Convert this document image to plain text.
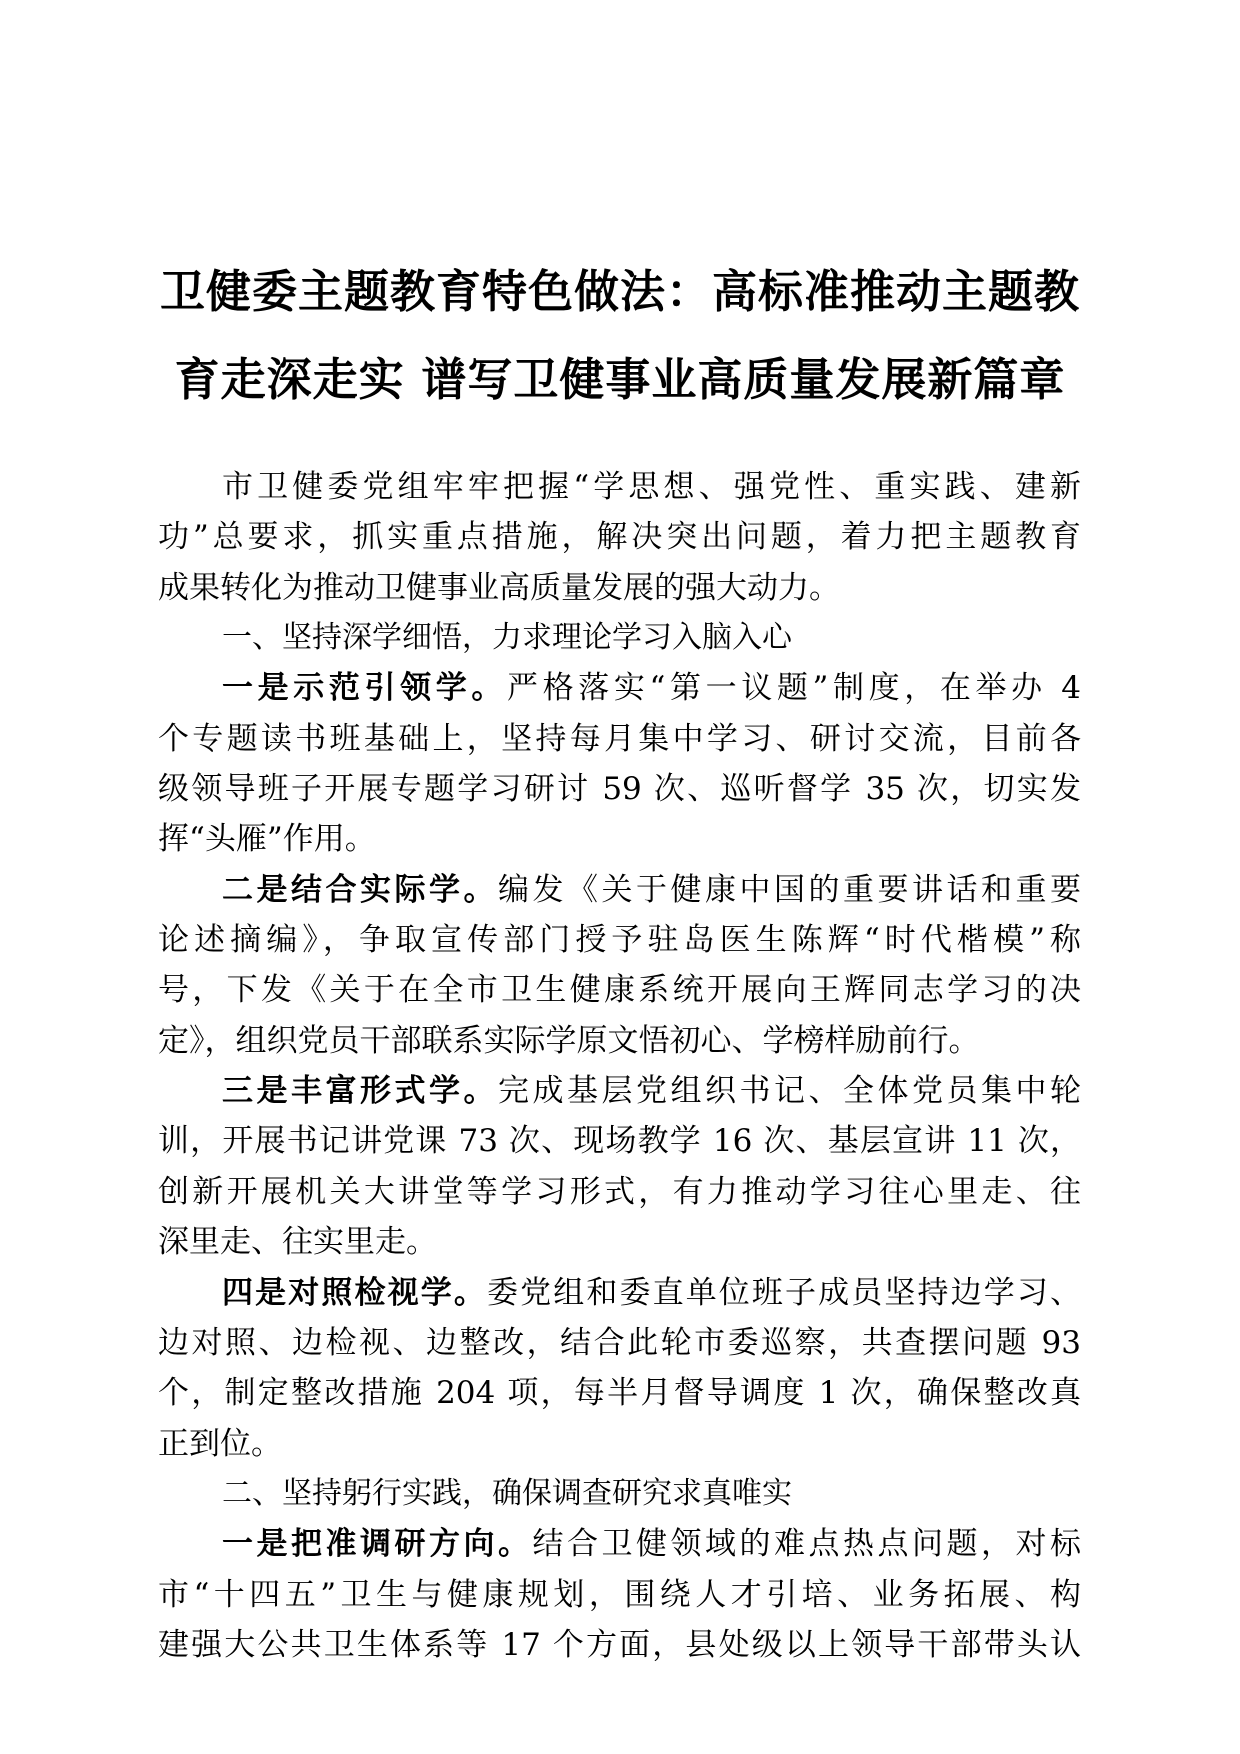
卫健委主题教育特色做法：高标准推动主题教
育走深走实 谱写卫健事业高质量发展新篇章
市卫健委党组牢牢把握“学思想、强党性、重实践、建新
功”总要求，抓实重点措施，解决突出问题，着力把主题教育
成果转化为推动卫健事业高质量发展的强大动力。
一、坚持深学细悟，力求理论学习入脑入心
一是示范引领学。严格落实“第一议题”制度，在举办 4
个专题读书班基础上，坚持每月集中学习、研讨交流，目前各
级领导班子开展专题学习研讨 59 次、巡听督学 35 次，切实发
挥“头雁”作用。
二是结合实际学。编发《关于健康中国的重要讲话和重要
论述摘编》，争取宣传部门授予驻岛医生陈辉“时代楷模”称
号，下发《关于在全市卫生健康系统开展向王辉同志学习的决
定》，组织党员干部联系实际学原文悟初心、学榜样励前行。
三是丰富形式学。完成基层党组织书记、全体党员集中轮
训，开展书记讲党课 73 次、现场教学 16 次、基层宣讲 11 次，
创新开展机关大讲堂等学习形式，有力推动学习往心里走、往
深里走、往实里走。
四是对照检视学。委党组和委直单位班子成员坚持边学习、
边对照、边检视、边整改，结合此轮市委巡察，共查摆问题 93
个，制定整改措施 204 项，每半月督导调度 1 次，确保整改真
正到位。
二、坚持躬行实践，确保调查研究求真唯实
一是把准调研方向。结合卫健领域的难点热点问题，对标
市“十四五”卫生与健康规划，围绕人才引培、业务拓展、构
建强大公共卫生体系等 17 个方面，县处级以上领导干部带头认
